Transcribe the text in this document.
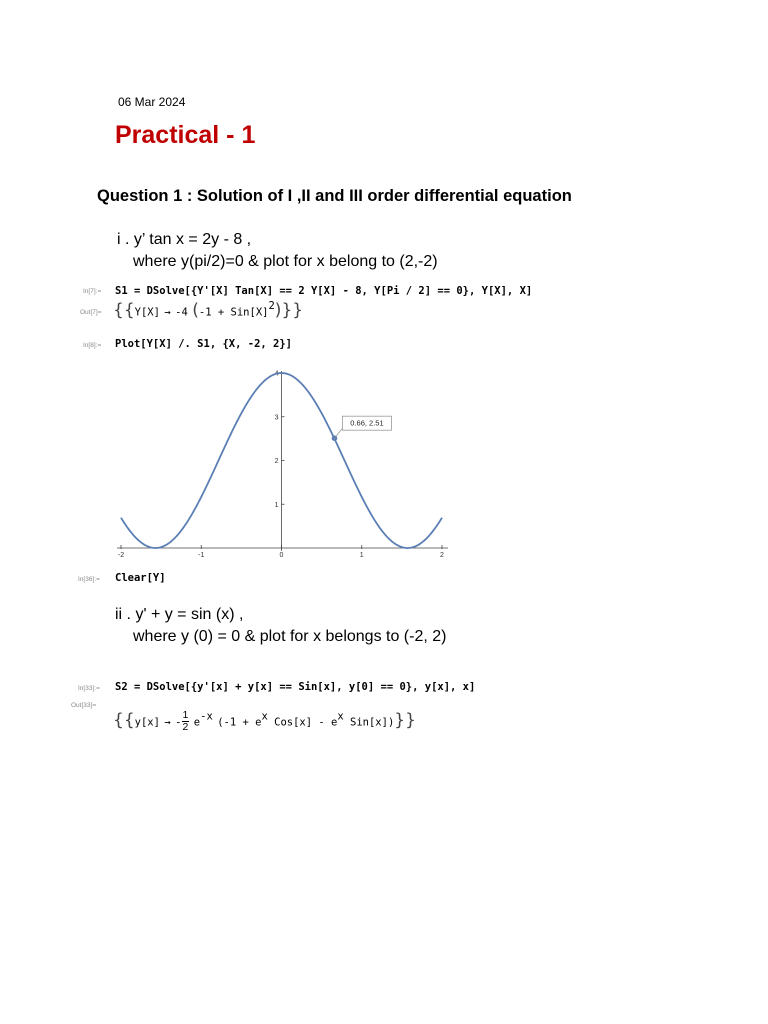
06 Mar 2024
Practical - 1
Question 1 : Solution of I ,II and III order differential equation
i . y’ tan x = 2y - 8 ,
where y(pi/2)=0 & plot for x belong to (2,-2)
In[7]:= S1 = DSolve[{Y'[X] Tan[X] == 2 Y[X] - 8, Y[Pi / 2] == 0}, Y[X], X]
Out[7]= {{Y[X] → -4 $(-1 + Sin[X]^2)$}}
In[8]:= Plot[Y[X] /. S1, {X, -2, 2}]
-2	-1	0	1	2
1
2
3
4
0.66, 2.51
In[36]:= Clear[Y]
ii . y' + y = sin (x) ,
where y (0) = 0 & plot for x belongs to (-2, 2)
In[33]:= S2 = DSolve[{y'[x] + y[x] == Sin[x], y[0] == 0}, y[x], x]
Out[33]=
{{y[x] → - $\frac{1}{2} e^{-x}$ ($-1 + e^x$ $Cos[x] - e^x$ Sin[x])}}
